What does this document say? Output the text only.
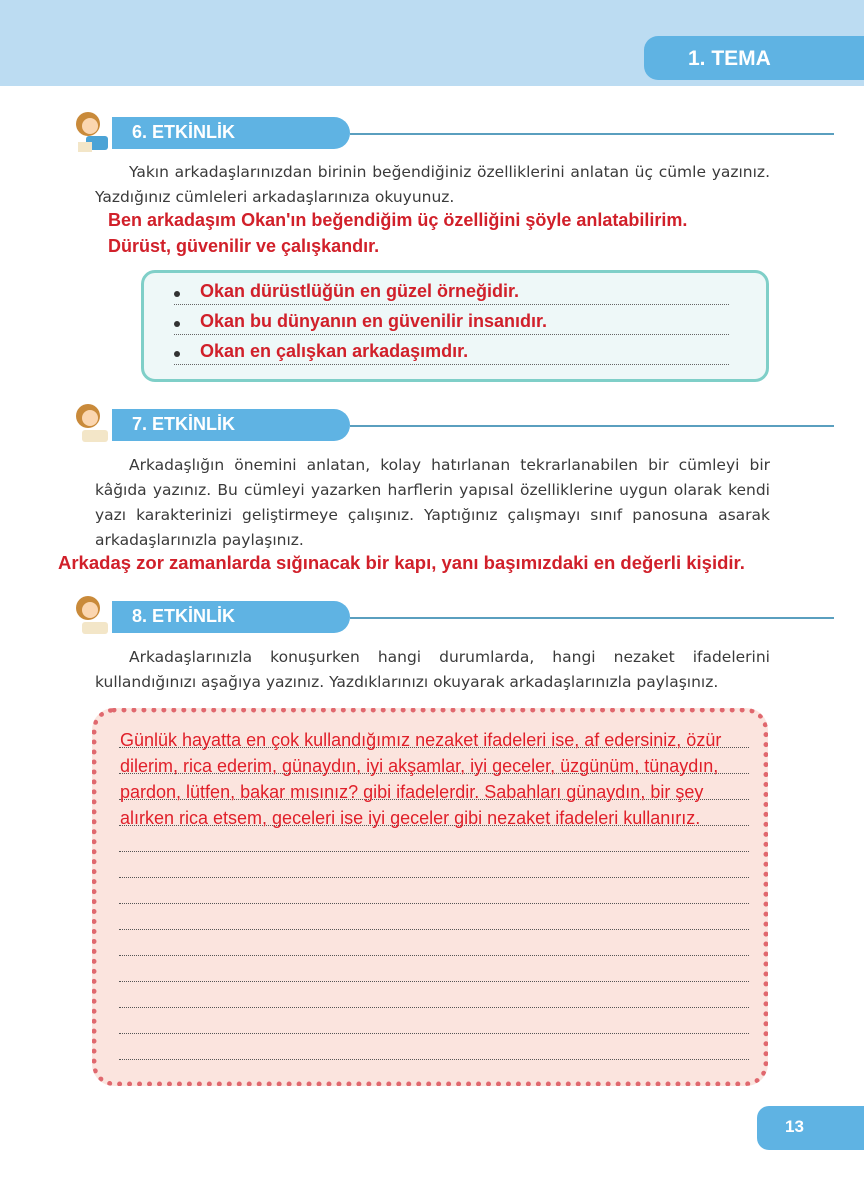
1. TEMA
6. ETKİNLİK
Yakın arkadaşlarınızdan birinin beğendiğiniz özelliklerini anlatan üç cümle yazınız. Yazdığınız cümleleri arkadaşlarınıza okuyunuz.
Ben arkadaşım Okan'ın beğendiğim üç özelliğini şöyle anlatabilirim.
Dürüst, güvenilir ve çalışkandır.
Okan dürüstlüğün en güzel örneğidir.
Okan bu dünyanın en güvenilir insanıdır.
Okan en çalışkan arkadaşımdır.
7. ETKİNLİK
Arkadaşlığın önemini anlatan, kolay hatırlanan tekrarlanabilen bir cümleyi bir kâğıda yazınız. Bu cümleyi yazarken harflerin yapısal özelliklerine uygun olarak kendi yazı karakterinizi geliştirmeye çalışınız. Yaptığınız çalışmayı sınıf panosuna asarak arkadaşlarınızla paylaşınız.
Arkadaş zor zamanlarda sığınacak bir kapı, yanı başımızdaki en değerli kişidir.
8. ETKİNLİK
Arkadaşlarınızla konuşurken hangi durumlarda, hangi nezaket ifadelerini kullandığınızı aşağıya yazınız. Yazdıklarınızı okuyarak arkadaşlarınızla paylaşınız.
Günlük hayatta en çok kullandığımız nezaket ifadeleri ise, af edersiniz, özür dilerim, rica ederim, günaydın, iyi akşamlar, iyi geceler, üzgünüm, tünaydın, pardon, lütfen, bakar mısınız? gibi ifadelerdir. Sabahları günaydın, bir şey alırken rica etsem, geceleri ise iyi geceler gibi nezaket ifadeleri kullanırız.
13
